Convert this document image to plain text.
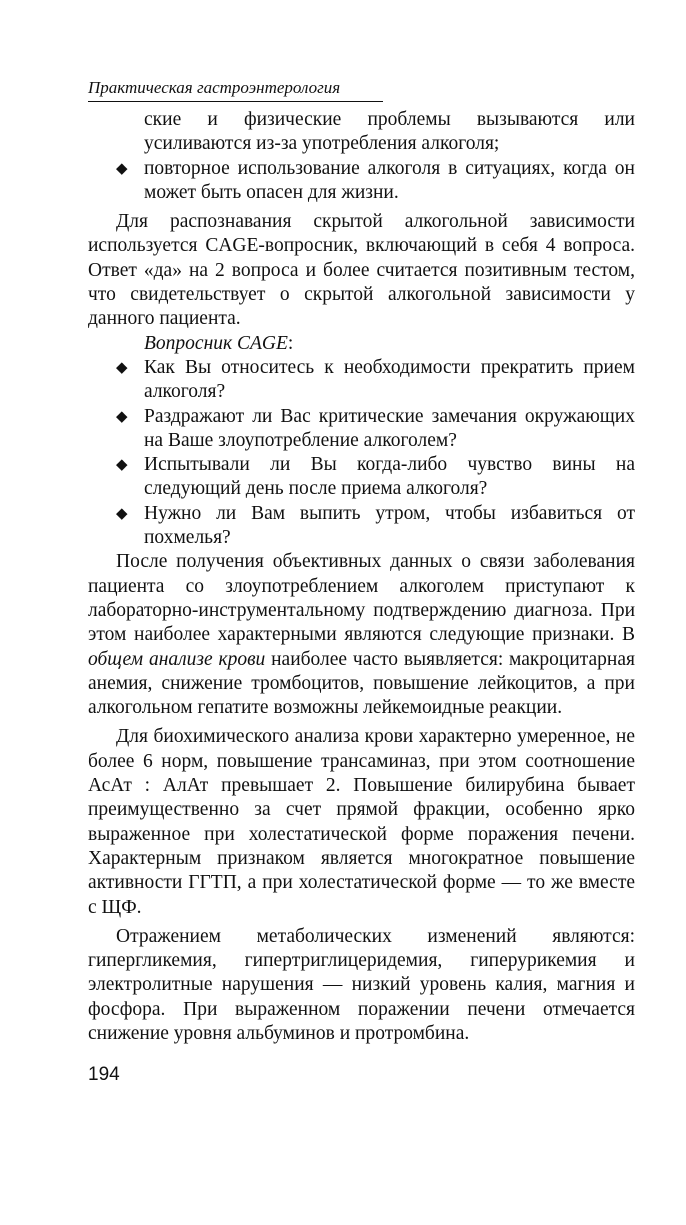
Практическая гастроэнтерология
ские и физические проблемы вызываются или усиливаются из-за употребления алкоголя;
◆ повторное использование алкоголя в ситуациях, когда он может быть опасен для жизни.

Для распознавания скрытой алкогольной зависимости используется CAGE-вопросник, включающий в себя 4 вопроса. Ответ «да» на 2 вопроса и более считается позитивным тестом, что свидетельствует о скрытой алкогольной зависимости у данного пациента.

Вопросник CAGE:

◆ Как Вы относитесь к необходимости прекратить прием алкоголя?
◆ Раздражают ли Вас критические замечания окружающих на Ваше злоупотребление алкоголем?
◆ Испытывали ли Вы когда-либо чувство вины на следующий день после приема алкоголя?
◆ Нужно ли Вам выпить утром, чтобы избавиться от похмелья?

После получения объективных данных о связи заболевания пациента со злоупотреблением алкоголем приступают к лабораторно-инструментальному подтверждению диагноза. При этом наиболее характерными являются следующие признаки. В общем анализе крови наиболее часто выявляется: макроцитарная анемия, снижение тромбоцитов, повышение лейкоцитов, а при алкогольном гепатите возможны лейкемоидные реакции.

Для биохимического анализа крови характерно умеренное, не более 6 норм, повышение трансаминаз, при этом соотношение АсАт : АлАт превышает 2. Повышение билирубина бывает преимущественно за счет прямой фракции, особенно ярко выраженное при холестатической форме поражения печени. Характерным признаком является многократное повышение активности ГГТП, а при холестатической форме — то же вместе с ЩФ.

Отражением метаболических изменений являются: гипергликемия, гипертриглицеридемия, гиперурикемия и электролитные нарушения — низкий уровень калия, магния и фосфора. При выраженном поражении печени отмечается снижение уровня альбуминов и протромбина.

194
